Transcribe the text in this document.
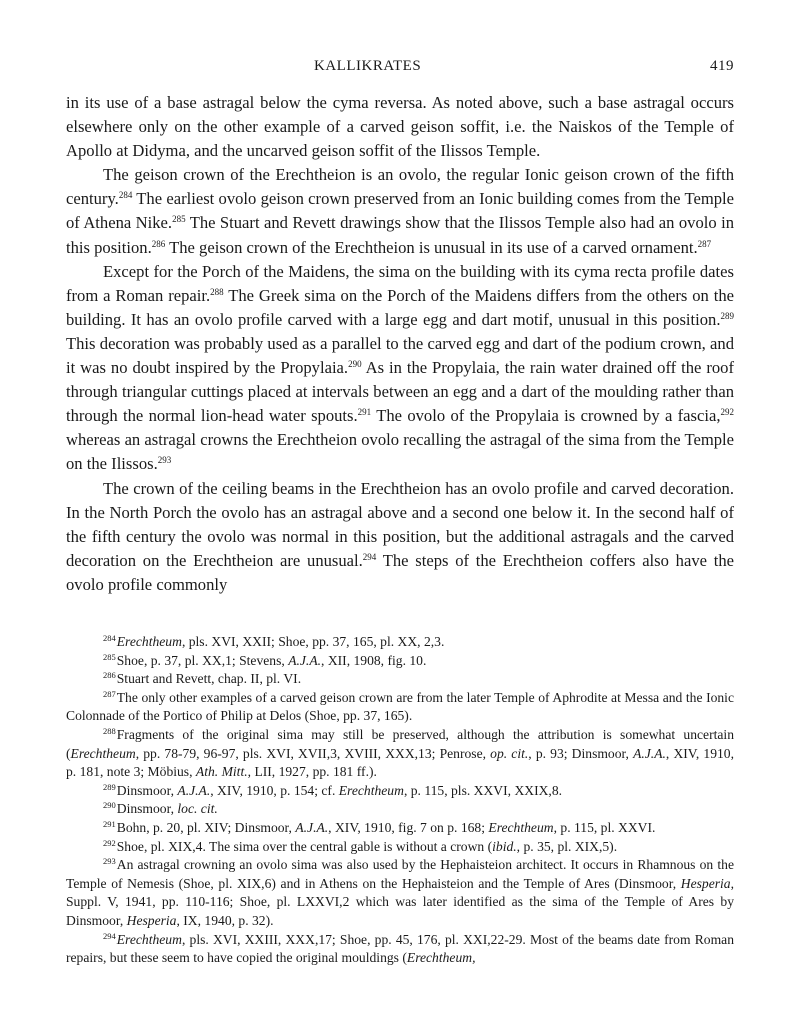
KALLIKRATES	419

in its use of a base astragal below the cyma reversa. As noted above, such a base astragal occurs elsewhere only on the other example of a carved geison soffit, i.e. the Naiskos of the Temple of Apollo at Didyma, and the uncarved geison soffit of the Ilissos Temple.

The geison crown of the Erechtheion is an ovolo, the regular Ionic geison crown of the fifth century.$^{284}$ The earliest ovolo geison crown preserved from an Ionic building comes from the Temple of Athena Nike.$^{285}$ The Stuart and Revett drawings show that the Ilissos Temple also had an ovolo in this position.$^{286}$ The geison crown of the Erechtheion is unusual in its use of a carved ornament.$^{287}$

Except for the Porch of the Maidens, the sima on the building with its cyma recta profile dates from a Roman repair.$^{288}$ The Greek sima on the Porch of the Maidens differs from the others on the building. It has an ovolo profile carved with a large egg and dart motif, unusual in this position.$^{289}$ This decoration was probably used as a parallel to the carved egg and dart of the podium crown, and it was no doubt inspired by the Propylaia.$^{290}$ As in the Propylaia, the rain water drained off the roof through triangular cuttings placed at intervals between an egg and a dart of the moulding rather than through the normal lion-head water spouts.$^{291}$ The ovolo of the Propylaia is crowned by a fascia,$^{292}$ whereas an astragal crowns the Erechtheion ovolo recalling the astragal of the sima from the Temple on the Ilissos.$^{293}$

The crown of the ceiling beams in the Erechtheion has an ovolo profile and carved decoration. In the North Porch the ovolo has an astragal above and a second one below it. In the second half of the fifth century the ovolo was normal in this position, but the additional astragals and the carved decoration on the Erechtheion are unusual.$^{294}$ The steps of the Erechtheion coffers also have the ovolo profile commonly

$^{284}$Erechtheum, pls. XVI, XXII; Shoe, pp. 37, 165, pl. XX, 2,3.

$^{285}$Shoe, p. 37, pl. XX,1; Stevens, A.J.A., XII, 1908, fig. 10.

$^{286}$Stuart and Revett, chap. II, pl. VI.

$^{287}$The only other examples of a carved geison crown are from the later Temple of Aphrodite at Messa and the Ionic Colonnade of the Portico of Philip at Delos (Shoe, pp. 37, 165).

$^{288}$Fragments of the original sima may still be preserved, although the attribution is somewhat uncertain (Erechtheum, pp. 78-79, 96-97, pls. XVI, XVII,3, XVIII, XXX,13; Penrose, op. cit., p. 93; Dinsmoor, A.J.A., XIV, 1910, p. 181, note 3; Möbius, Ath. Mitt., LII, 1927, pp. 181 ff.).

$^{289}$Dinsmoor, A.J.A., XIV, 1910, p. 154; cf. Erechtheum, p. 115, pls. XXVI, XXIX,8.

$^{290}$Dinsmoor, loc. cit.

$^{291}$Bohn, p. 20, pl. XIV; Dinsmoor, A.J.A., XIV, 1910, fig. 7 on p. 168; Erechtheum, p. 115, pl. XXVI.

$^{292}$Shoe, pl. XIX,4. The sima over the central gable is without a crown (ibid., p. 35, pl. XIX,5).

$^{293}$An astragal crowning an ovolo sima was also used by the Hephaisteion architect. It occurs in Rhamnous on the Temple of Nemesis (Shoe, pl. XIX,6) and in Athens on the Hephaisteion and the Temple of Ares (Dinsmoor, Hesperia, Suppl. V, 1941, pp. 110-116; Shoe, pl. LXXVI,2 which was later identified as the sima of the Temple of Ares by Dinsmoor, Hesperia, IX, 1940, p. 32).

$^{294}$Erechtheum, pls. XVI, XXIII, XXX,17; Shoe, pp. 45, 176, pl. XXI,22-29. Most of the beams date from Roman repairs, but these seem to have copied the original mouldings (Erechtheum,
